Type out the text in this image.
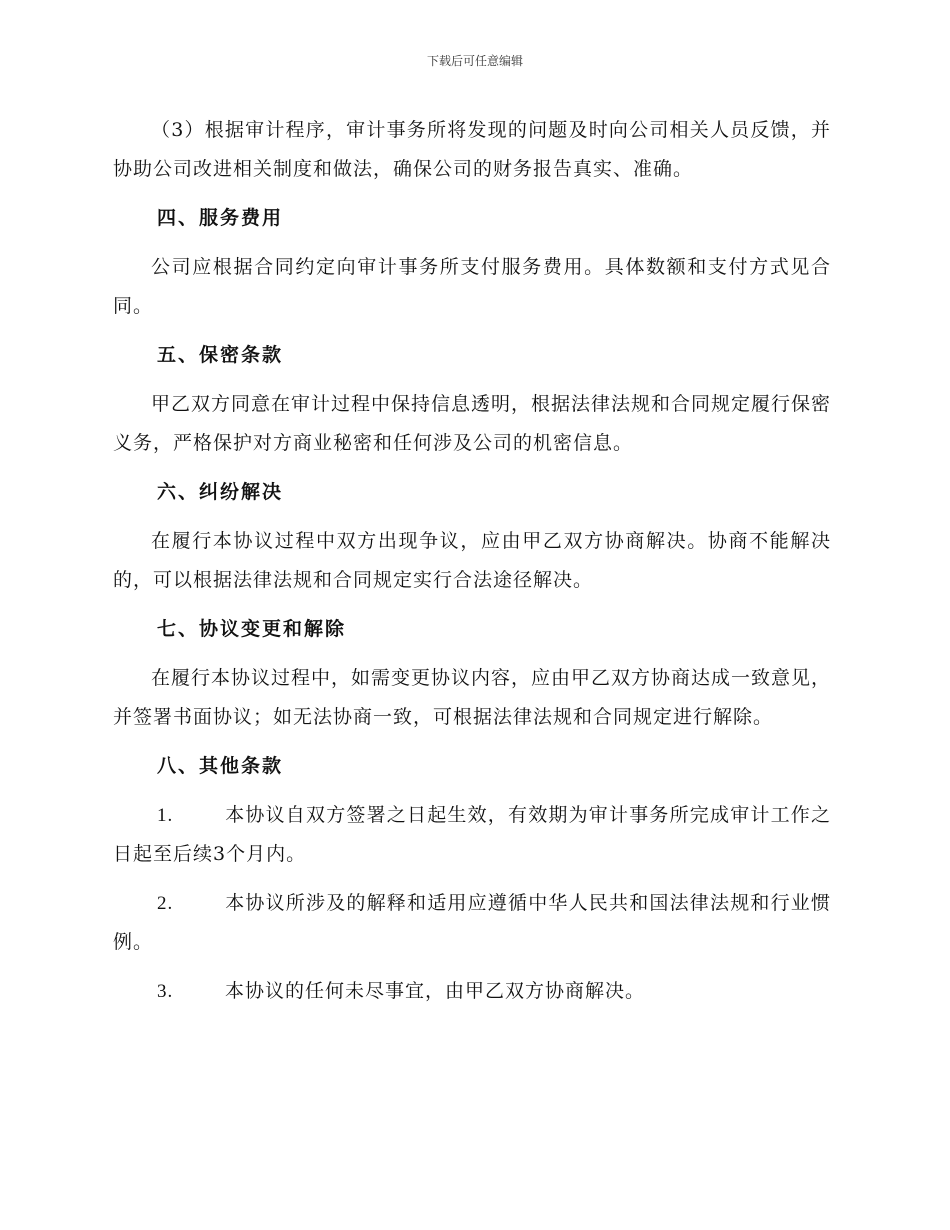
下载后可任意编辑

（3）根据审计程序，审计事务所将发现的问题及时向公司相关人员反馈，并协助公司改进相关制度和做法，确保公司的财务报告真实、准确。

四、服务费用

公司应根据合同约定向审计事务所支付服务费用。具体数额和支付方式见合同。

五、保密条款

甲乙双方同意在审计过程中保持信息透明，根据法律法规和合同规定履行保密义务，严格保护对方商业秘密和任何涉及公司的机密信息。

六、纠纷解决

在履行本协议过程中双方出现争议，应由甲乙双方协商解决。协商不能解决的，可以根据法律法规和合同规定实行合法途径解决。

七、协议变更和解除

在履行本协议过程中，如需变更协议内容，应由甲乙双方协商达成一致意见，并签署书面协议；如无法协商一致，可根据法律法规和合同规定进行解除。

八、其他条款

1.	本协议自双方签署之日起生效，有效期为审计事务所完成审计工作之日起至后续3个月内。

2.	本协议所涉及的解释和适用应遵循中华人民共和国法律法规和行业惯例。

3.	本协议的任何未尽事宜，由甲乙双方协商解决。
